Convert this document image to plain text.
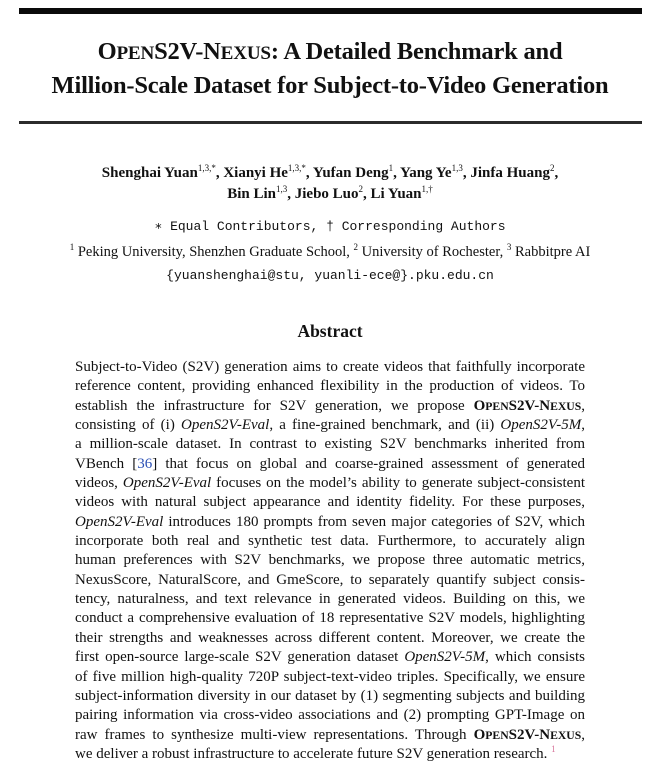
OPENS2V-NEXUS: A Detailed Benchmark and
Million-Scale Dataset for Subject-to-Video Generation
Shenghai Yuan$^{1,3,*}$, Xianyi $He^{1,3,*}$, Yufan Deng$^1$, Yang Ye$^{1,3}$, Jinfa Huang$^2$,
Bin Lin$^{1,3}$, Jiebo Luo$^2$, Li Yuan$^{1,\dagger}$
∗ Equal Contributors, † Corresponding Authors
$^1$ Peking University, Shenzhen Graduate School, $^2$ University of Rochester, $^3$ Rabbitpre AI
{yuanshenghai@stu, yuanli-ece@}.pku.edu.cn
Abstract
Subject-to-Video (S2V) generation aims to create videos that faithfully incorporate
reference content, providing enhanced flexibility in the production of videos. To
establish the infrastructure for S2V generation, we propose OPENS2V-NEXUS,
consisting of (i) OpenS2V-Eval, a fine-grained benchmark, and (ii) OpenS2V-5M,
a million-scale dataset. In contrast to existing S2V benchmarks inherited from
VBench [36] that focus on global and coarse-grained assessment of generated
videos, OpenS2V-Eval focuses on the model’s ability to generate subject-consistent
videos with natural subject appearance and identity fidelity. For these purposes,
OpenS2V-Eval introduces 180 prompts from seven major categories of S2V, which
incorporate both real and synthetic test data. Furthermore, to accurately align
human preferences with S2V benchmarks, we propose three automatic metrics,
NexusScore, NaturalScore, and GmeScore, to separately quantify subject consis-
tency, naturalness, and text relevance in generated videos. Building on this, we
conduct a comprehensive evaluation of 18 representative S2V models, highlighting
their strengths and weaknesses across different content. Moreover, we create the
first open-source large-scale S2V generation dataset OpenS2V-5M, which consists
of five million high-quality 720P subject-text-video triples. Specifically, we ensure
subject-information diversity in our dataset by (1) segmenting subjects and building
pairing information via cross-video associations and (2) prompting GPT-Image on
raw frames to synthesize multi-view representations. Through OPENS2V-NEXUS,
we deliver a robust infrastructure to accelerate future S2V generation research. $^1$
